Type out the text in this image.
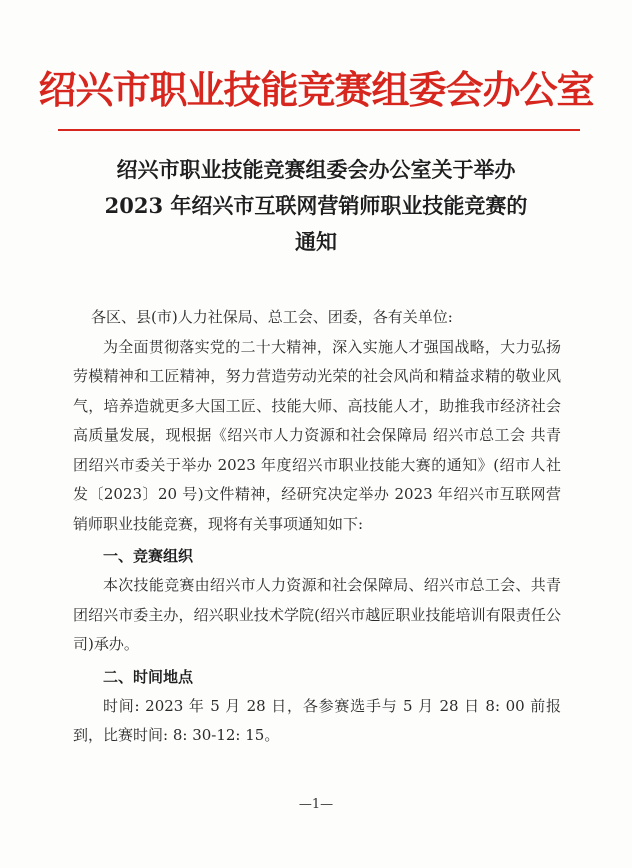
绍兴市职业技能竞赛组委会办公室
绍兴市职业技能竞赛组委会办公室关于举办
2023 年绍兴市互联网营销师职业技能竞赛的
通知

各区、县(市)人力社保局、总工会、团委，各有关单位:

为全面贯彻落实党的二十大精神，深入实施人才强国战略，大力弘扬劳模精神和工匠精神，努力营造劳动光荣的社会风尚和精益求精的敬业风气，培养造就更多大国工匠、技能大师、高技能人才，助推我市经济社会高质量发展，现根据《绍兴市人力资源和社会保障局 绍兴市总工会 共青团绍兴市委关于举办 2023 年度绍兴市职业技能大赛的通知》(绍市人社发〔2023〕20 号)文件精神，经研究决定举办 2023 年绍兴市互联网营销师职业技能竞赛，现将有关事项通知如下:

一、竞赛组织

本次技能竞赛由绍兴市人力资源和社会保障局、绍兴市总工会、共青团绍兴市委主办，绍兴职业技术学院(绍兴市越匠职业技能培训有限责任公司)承办。

二、时间地点

时间: 2023 年 5 月 28 日，各参赛选手与 5 月 28 日 8: 00 前报到，比赛时间: 8: 30-12: 15。

—1—
